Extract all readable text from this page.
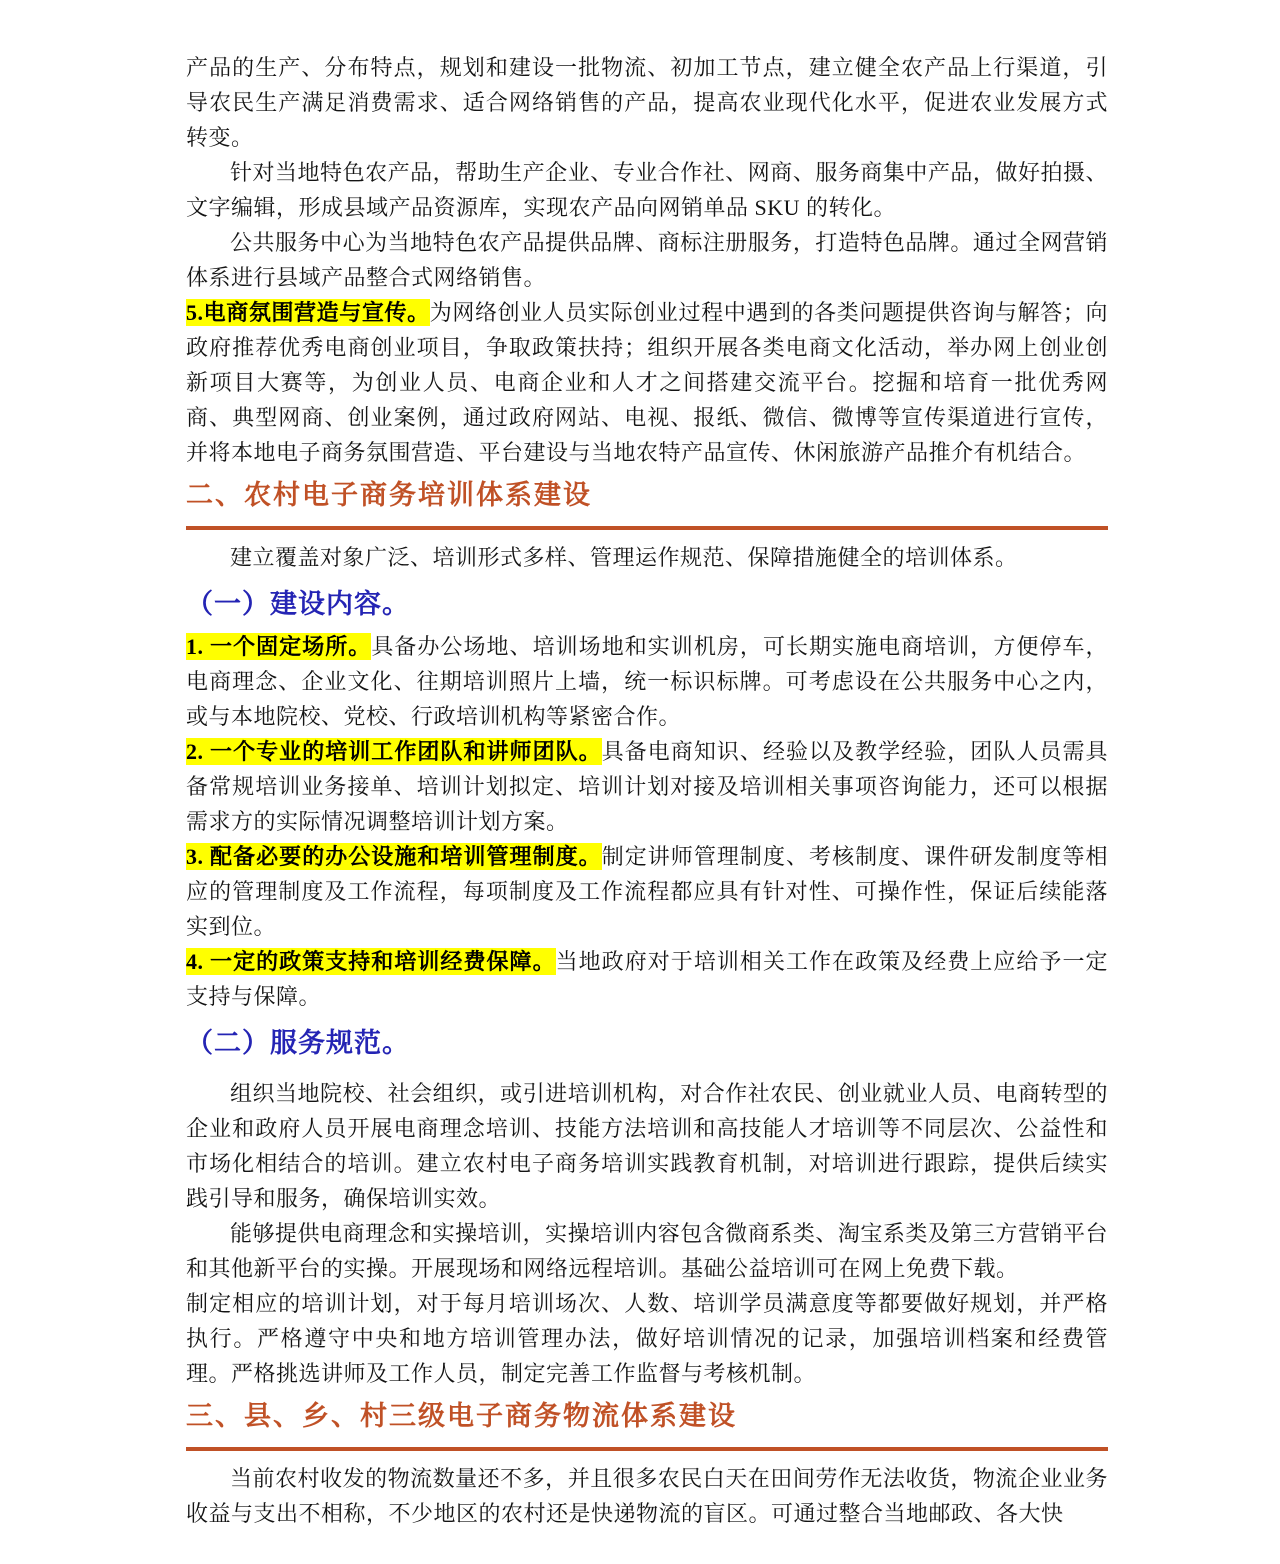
产品的生产、分布特点，规划和建设一批物流、初加工节点，建立健全农产品上行渠道，引导农民生产满足消费需求、适合网络销售的产品，提高农业现代化水平，促进农业发展方式转变。

针对当地特色农产品，帮助生产企业、专业合作社、网商、服务商集中产品，做好拍摄、文字编辑，形成县域产品资源库，实现农产品向网销单品 SKU 的转化。

公共服务中心为当地特色农产品提供品牌、商标注册服务，打造特色品牌。通过全网营销体系进行县域产品整合式网络销售。

5.电商氛围营造与宣传。为网络创业人员实际创业过程中遇到的各类问题提供咨询与解答；向政府推荐优秀电商创业项目，争取政策扶持；组织开展各类电商文化活动，举办网上创业创新项目大赛等，为创业人员、电商企业和人才之间搭建交流平台。挖掘和培育一批优秀网商、典型网商、创业案例，通过政府网站、电视、报纸、微信、微博等宣传渠道进行宣传，并将本地电子商务氛围营造、平台建设与当地农特产品宣传、休闲旅游产品推介有机结合。

二、农村电子商务培训体系建设

建立覆盖对象广泛、培训形式多样、管理运作规范、保障措施健全的培训体系。

（一）建设内容。

1. 一个固定场所。具备办公场地、培训场地和实训机房，可长期实施电商培训，方便停车，电商理念、企业文化、往期培训照片上墙，统一标识标牌。可考虑设在公共服务中心之内，或与本地院校、党校、行政培训机构等紧密合作。

2. 一个专业的培训工作团队和讲师团队。具备电商知识、经验以及教学经验，团队人员需具备常规培训业务接单、培训计划拟定、培训计划对接及培训相关事项咨询能力，还可以根据需求方的实际情况调整培训计划方案。

3. 配备必要的办公设施和培训管理制度。制定讲师管理制度、考核制度、课件研发制度等相应的管理制度及工作流程，每项制度及工作流程都应具有针对性、可操作性，保证后续能落实到位。

4. 一定的政策支持和培训经费保障。当地政府对于培训相关工作在政策及经费上应给予一定支持与保障。

（二）服务规范。

组织当地院校、社会组织，或引进培训机构，对合作社农民、创业就业人员、电商转型的企业和政府人员开展电商理念培训、技能方法培训和高技能人才培训等不同层次、公益性和市场化相结合的培训。建立农村电子商务培训实践教育机制，对培训进行跟踪，提供后续实践引导和服务，确保培训实效。

能够提供电商理念和实操培训，实操培训内容包含微商系类、淘宝系类及第三方营销平台和其他新平台的实操。开展现场和网络远程培训。基础公益培训可在网上免费下载。

制定相应的培训计划，对于每月培训场次、人数、培训学员满意度等都要做好规划，并严格执行。严格遵守中央和地方培训管理办法，做好培训情况的记录，加强培训档案和经费管理。严格挑选讲师及工作人员，制定完善工作监督与考核机制。

三、县、乡、村三级电子商务物流体系建设

当前农村收发的物流数量还不多，并且很多农民白天在田间劳作无法收货，物流企业业务收益与支出不相称，不少地区的农村还是快递物流的盲区。可通过整合当地邮政、各大快
